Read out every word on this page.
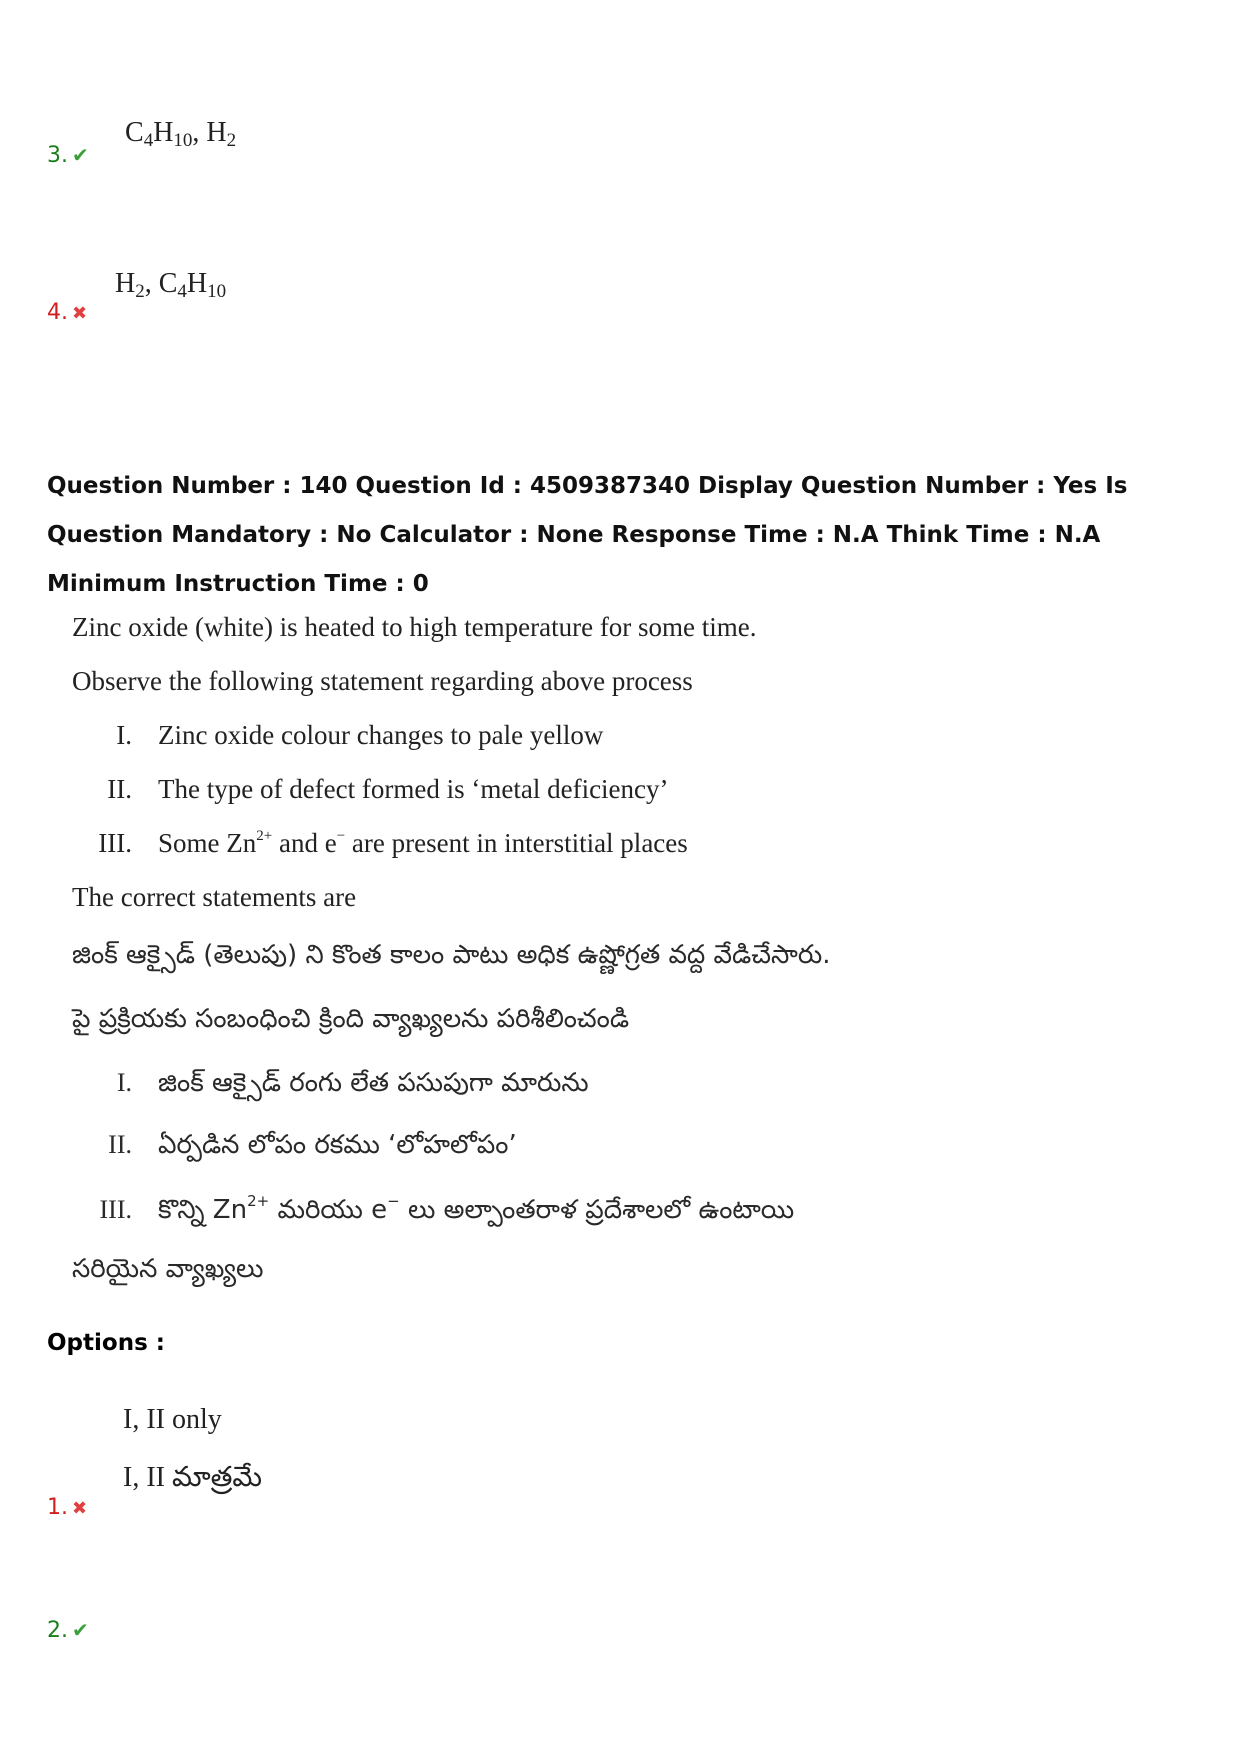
3. ✔
$C_4H_{10}$, $H_2$
4. ✖
$H_2$, $C_4H_{10}$
Question Number : 140 Question Id : 4509387340 Display Question Number : Yes Is Question Mandatory : No Calculator : None Response Time : N.A Think Time : N.A Minimum Instruction Time : 0
Zinc oxide (white) is heated to high temperature for some time.
Observe the following statement regarding above process
I. Zinc oxide colour changes to pale yellow
II. The type of defect formed is ‘metal deficiency’
III. Some $Zn^{2+}$ and e− are present in interstitial places
The correct statements are
జింక్ ఆక్సైడ్ (తెలుపు) ని కొంత కాలం పాటు అధిక ఉష్ణోగ్రత వద్ద వేడిచేసారు.
పై ప్రక్రియకు సంబంధించి క్రింది వ్యాఖ్యలను పరిశీలించండి
I. జింక్ ఆక్సైడ్ రంగు లేత పసుపుగా మారును
II. ఏర్పడిన లోపం రకము ‘లోహలోపం’
III. కొన్ని $Zn^{2+}$ మరియు e− లు అల్పాంతరాళ ప్రదేశాలలో ఉంటాయి
సరియైన వ్యాఖ్యలు
Options :
I, II only
I, II మాత్రమే
1. ✖
2. ✔
